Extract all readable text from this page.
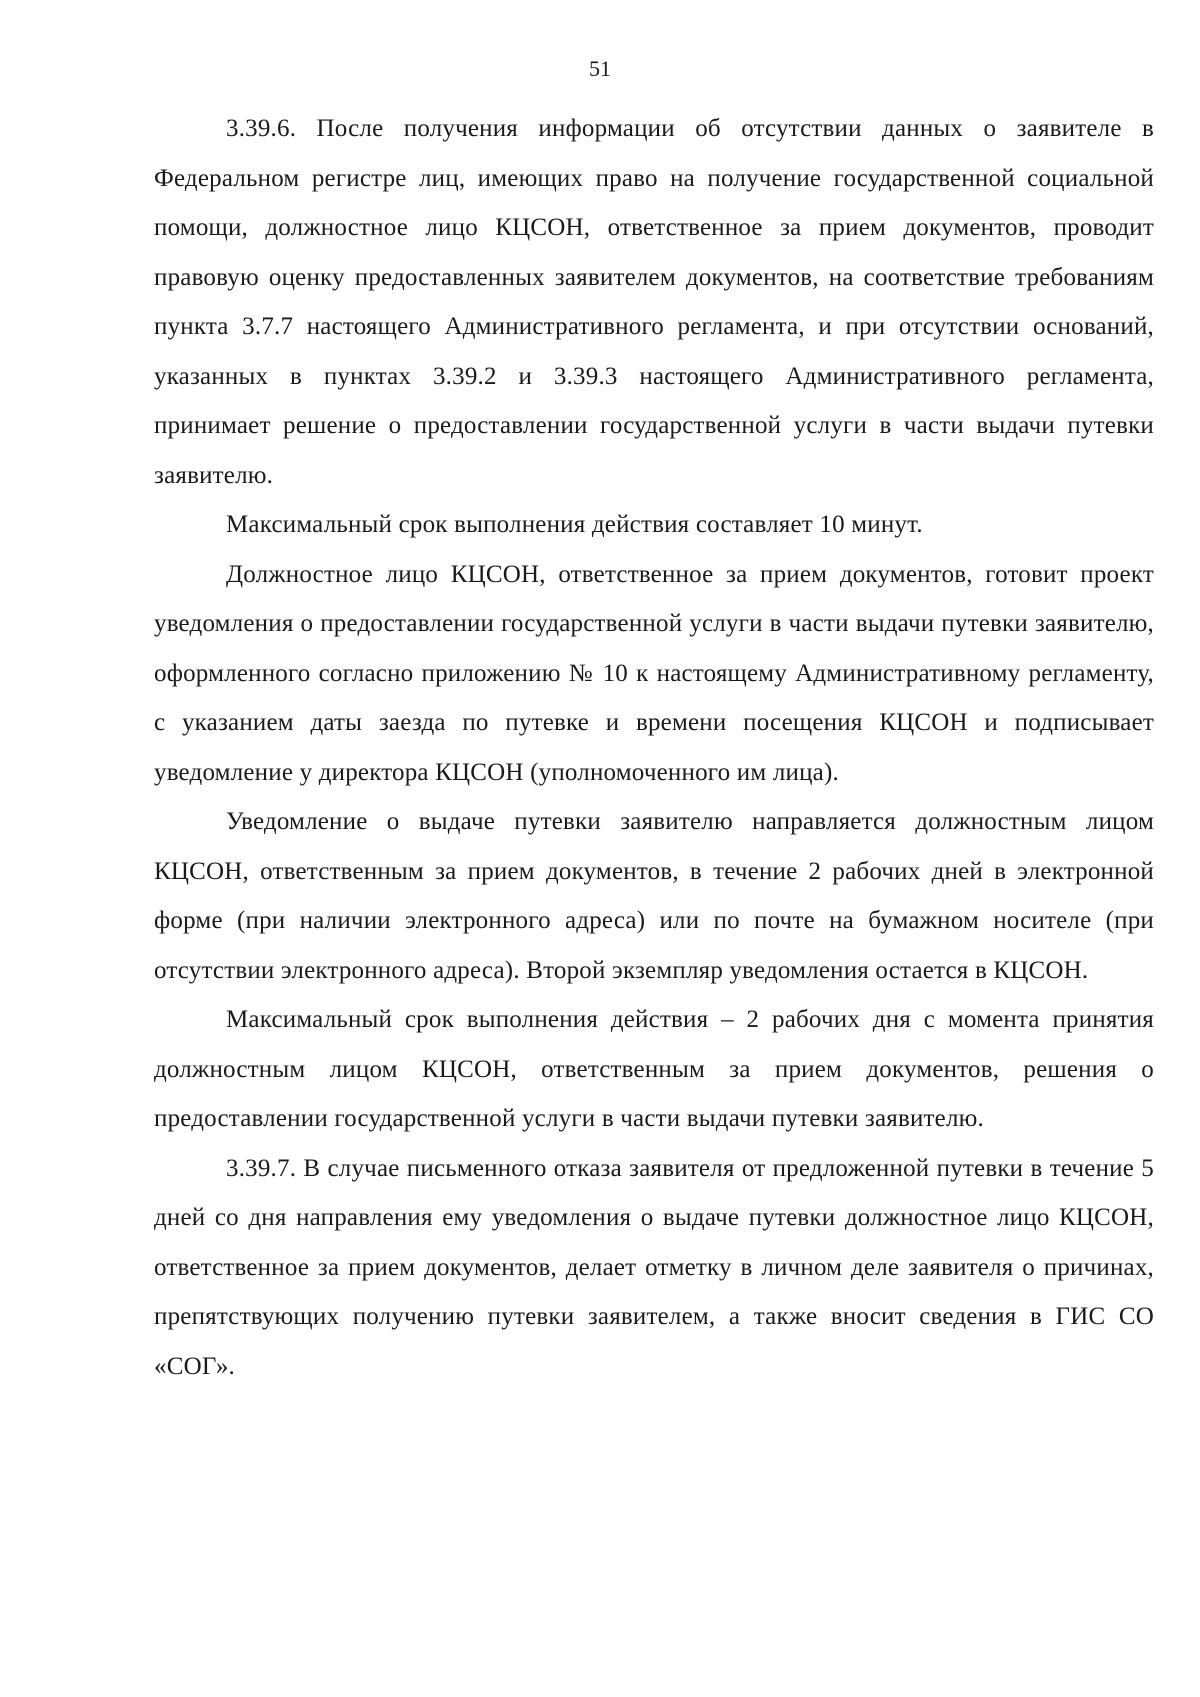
51

3.39.6. После получения информации об отсутствии данных о заявителе в Федеральном регистре лиц, имеющих право на получение государственной социальной помощи, должностное лицо КЦСОН, ответственное за прием документов, проводит правовую оценку предоставленных заявителем документов, на соответствие требованиям пункта 3.7.7 настоящего Административного регламента, и при отсутствии оснований, указанных в пунктах 3.39.2 и 3.39.3 настоящего Административного регламента, принимает решение о предоставлении государственной услуги в части выдачи путевки заявителю.

Максимальный срок выполнения действия составляет 10 минут.

Должностное лицо КЦСОН, ответственное за прием документов, готовит проект уведомления о предоставлении государственной услуги в части выдачи путевки заявителю, оформленного согласно приложению № 10 к настоящему Административному регламенту, с указанием даты заезда по путевке и времени посещения КЦСОН и подписывает уведомление у директора КЦСОН (уполномоченного им лица).

Уведомление о выдаче путевки заявителю направляется должностным лицом КЦСОН, ответственным за прием документов, в течение 2 рабочих дней в электронной форме (при наличии электронного адреса) или по почте на бумажном носителе (при отсутствии электронного адреса). Второй экземпляр уведомления остается в КЦСОН.

Максимальный срок выполнения действия – 2 рабочих дня с момента принятия должностным лицом КЦСОН, ответственным за прием документов, решения о предоставлении государственной услуги в части выдачи путевки заявителю.

3.39.7. В случае письменного отказа заявителя от предложенной путевки в течение 5 дней со дня направления ему уведомления о выдаче путевки должностное лицо КЦСОН, ответственное за прием документов, делает отметку в личном деле заявителя о причинах, препятствующих получению путевки заявителем, а также вносит сведения в ГИС СО «СОГ».
